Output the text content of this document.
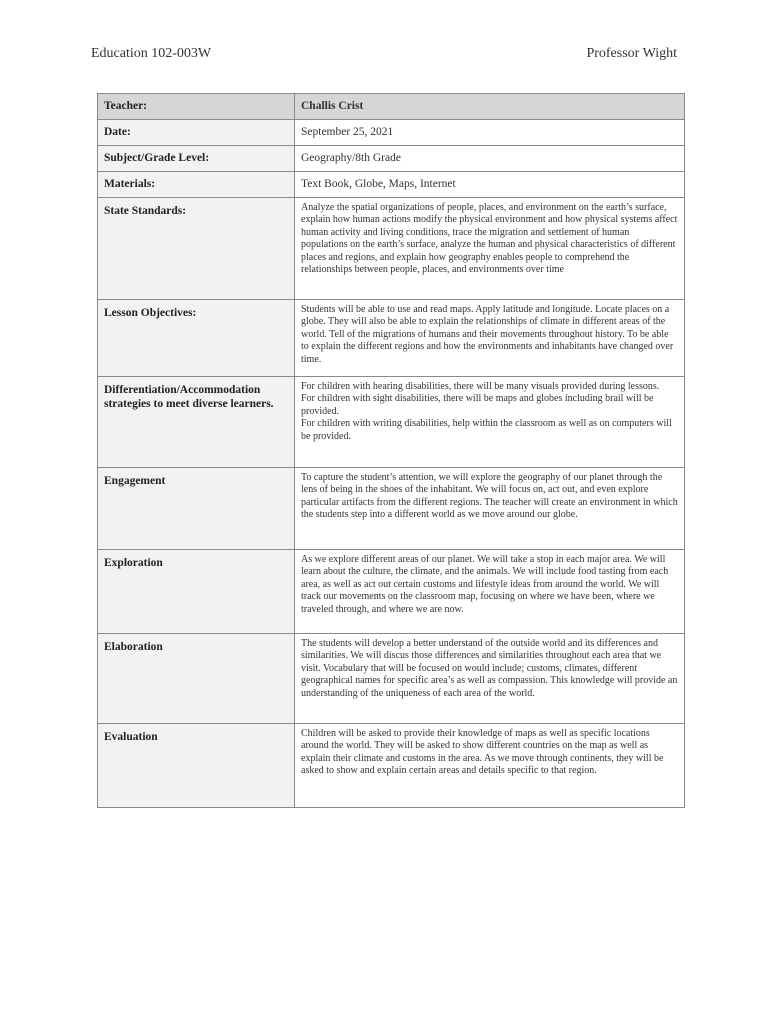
Education 102-003W	Professor Wight
Teacher:	Challis Crist
Date:	September 25, 2021
Subject/Grade Level:	Geography/8th Grade
Materials:	Text Book, Globe, Maps, Internet
State Standards:	Analyze the spatial organizations of people, places, and environment on the earth’s surface, explain how human actions modify the physical environment and how physical systems affect human activity and living conditions, trace the migration and settlement of human populations on the earth’s surface, analyze the human and physical characteristics of different places and regions, and explain how geography enables people to comprehend the relationships between people, places, and environments over time
Lesson Objectives:	Students will be able to use and read maps. Apply latitude and longitude. Locate places on a globe. They will also be able to explain the relationships of climate in different areas of the world. Tell of the migrations of humans and their movements throughout history. To be able to explain the different regions and how the environments and inhabitants have changed over time.
Differentiation/Accommodation strategies to meet diverse learners.	For children with hearing disabilities, there will be many visuals provided during lessons.
For children with sight disabilities, there will be maps and globes including brail will be provided.
For children with writing disabilities, help within the classroom as well as on computers will be provided.

Engagement	To capture the student’s attention, we will explore the geography of our planet through the lens of being in the shoes of the inhabitant. We will focus on, act out, and even explore particular artifacts from the different regions. The teacher will create an environment in which the students step into a different world as we move around our globe.
Exploration	As we explore different areas of our planet. We will take a stop in each major area. We will learn about the culture, the climate, and the animals. We will include food tasting from each area, as well as act out certain customs and lifestyle ideas from around the world. We will track our movements on the classroom map, focusing on where we have been, where we traveled through, and where we are now.
Elaboration	The students will develop a better understand of the outside world and its differences and similarities. We will discus those differences and similarities throughout each area that we visit. Vocabulary that will be focused on would include; customs, climates, different geographical names for specific area’s as well as compassion. This knowledge will provide an understanding of the uniqueness of each area of the world.
Evaluation	Children will be asked to provide their knowledge of maps as well as specific locations around the world. They will be asked to show different countries on the map as well as explain their climate and customs in the area. As we move through continents, they will be asked to show and explain certain areas and details specific to that region.
